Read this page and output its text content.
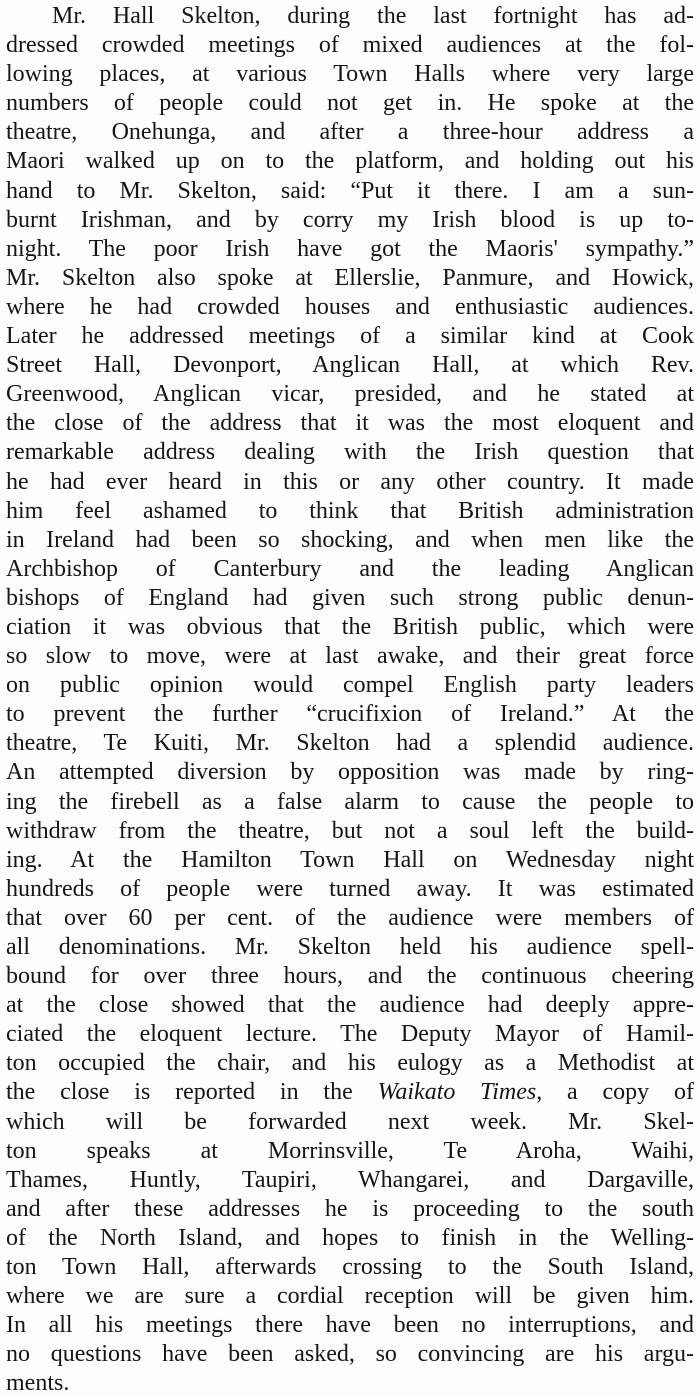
Mr. Hall Skelton, during the last fortnight has ad-
dressed crowded meetings of mixed audiences at the fol-
lowing places, at various Town Halls where very large
numbers of people could not get in. He spoke at the
theatre, Onehunga, and after a three-hour address a
Maori walked up on to the platform, and holding out his
hand to Mr. Skelton, said: “Put it there. I am a sun-
burnt Irishman, and by corry my Irish blood is up to-
night. The poor Irish have got the Maoris' sympathy.”
Mr. Skelton also spoke at Ellerslie, Panmure, and Howick,
where he had crowded houses and enthusiastic audiences.
Later he addressed meetings of a similar kind at Cook
Street Hall, Devonport, Anglican Hall, at which Rev.
Greenwood, Anglican vicar, presided, and he stated at
the close of the address that it was the most eloquent and
remarkable address dealing with the Irish question that
he had ever heard in this or any other country. It made
him feel ashamed to think that British administration
in Ireland had been so shocking, and when men like the
Archbishop of Canterbury and the leading Anglican
bishops of England had given such strong public denun-
ciation it was obvious that the British public, which were
so slow to move, were at last awake, and their great force
on public opinion would compel English party leaders
to prevent the further “crucifixion of Ireland.” At the
theatre, Te Kuiti, Mr. Skelton had a splendid audience.
An attempted diversion by opposition was made by ring-
ing the firebell as a false alarm to cause the people to
withdraw from the theatre, but not a soul left the build-
ing. At the Hamilton Town Hall on Wednesday night
hundreds of people were turned away. It was estimated
that over 60 per cent. of the audience were members of
all denominations. Mr. Skelton held his audience spell-
bound for over three hours, and the continuous cheering
at the close showed that the audience had deeply appre-
ciated the eloquent lecture. The Deputy Mayor of Hamil-
ton occupied the chair, and his eulogy as a Methodist at
the close is reported in the Waikato Times, a copy of
which will be forwarded next week. Mr. Skel-
ton speaks at Morrinsville, Te Aroha, Waihi,
Thames, Huntly, Taupiri, Whangarei, and Dargaville,
and after these addresses he is proceeding to the south
of the North Island, and hopes to finish in the Welling-
ton Town Hall, afterwards crossing to the South Island,
where we are sure a cordial reception will be given him.
In all his meetings there have been no interruptions, and
no questions have been asked, so convincing are his argu-
ments.
